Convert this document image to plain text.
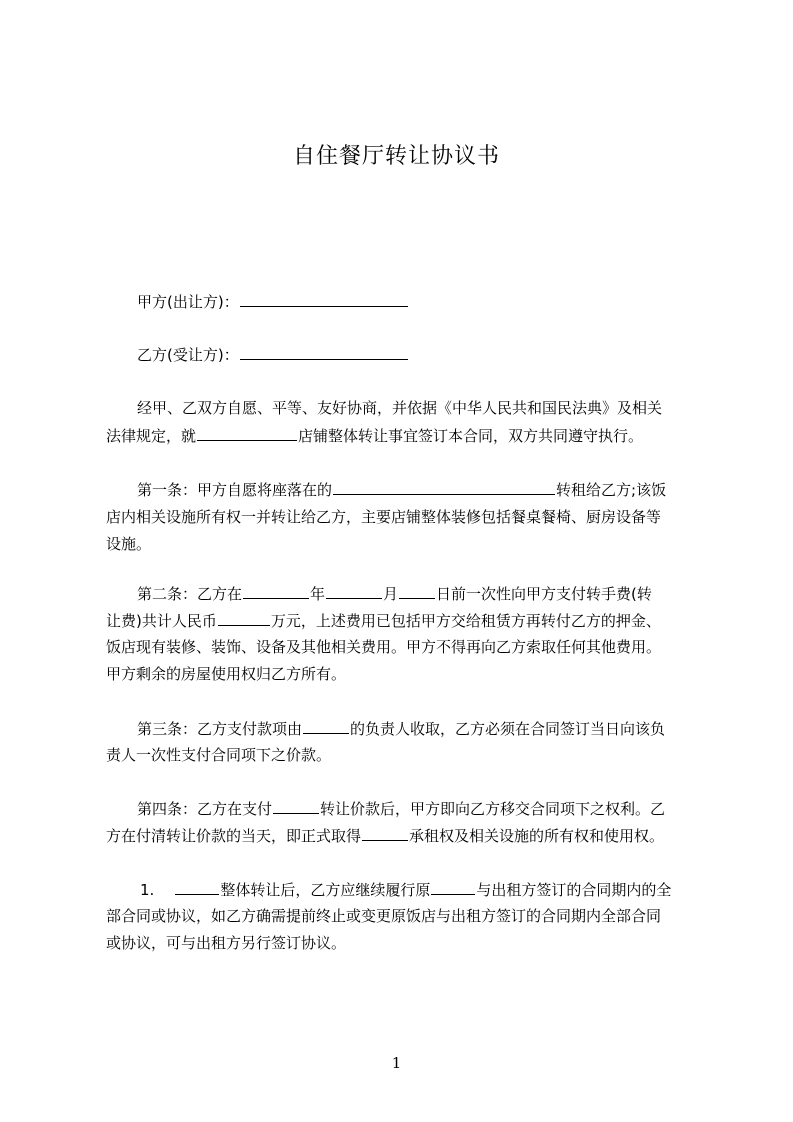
自住餐厅转让协议书
甲方(出让方)：
乙方(受让方)：
经甲、乙双方自愿、平等、友好协商，并依据《中华人民共和国民法典》及相关
法律规定，就	店铺整体转让事宜签订本合同，双方共同遵守执行。
第一条：甲方自愿将座落在的	转租给乙方;该饭
店内相关设施所有权一并转让给乙方，主要店铺整体装修包括餐桌餐椅、厨房设备等
设施。
第二条：乙方在	年	月	日前一次性向甲方支付转手费(转
让费)共计人民币	万元，上述费用已包括甲方交给租赁方再转付乙方的押金、
饭店现有装修、装饰、设备及其他相关费用。甲方不得再向乙方索取任何其他费用。
甲方剩余的房屋使用权归乙方所有。
第三条：乙方支付款项由	的负责人收取，乙方必须在合同签订当日向该负
责人一次性支付合同项下之价款。
第四条：乙方在支付	转让价款后，甲方即向乙方移交合同项下之权利。乙
方在付清转让价款的当天，即正式取得	承租权及相关设施的所有权和使用权。
1.	整体转让后，乙方应继续履行原	与出租方签订的合同期内的全
部合同或协议，如乙方确需提前终止或变更原饭店与出租方签订的合同期内全部合同
或协议，可与出租方另行签订协议。
1
